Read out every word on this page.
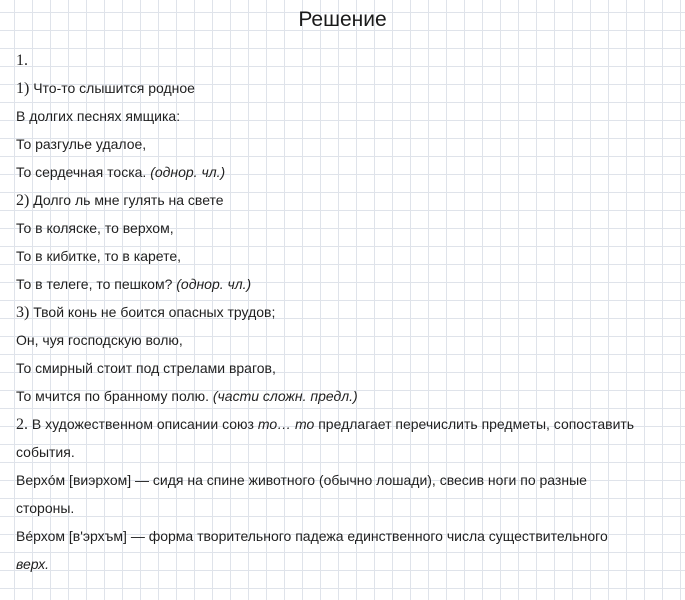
Решение
1.
1) Что-то слышится родное
В долгих песнях ямщика:
То разгулье удалое,
То сердечная тоска. (однор. чл.)
2) Долго ль мне гулять на свете
То в коляске, то верхом,
То в кибитке, то в карете,
То в телеге, то пешком? (однор. чл.)
3) Твой конь не боится опасных трудов;
Он, чуя господскую волю,
То смирный стоит под стрелами врагов,
То мчится по бранному полю. (части сложн. предл.)
2. В художественном описании союз то… то предлагает перечислить предметы, сопоставить
события.
Верхóм [виэрхом] — сидя на спине животного (обычно лошади), свесив ноги по разные
стороны.
Вéрхом [в'эрхъм] — форма творительного падежа единственного числа существительного
верх.
